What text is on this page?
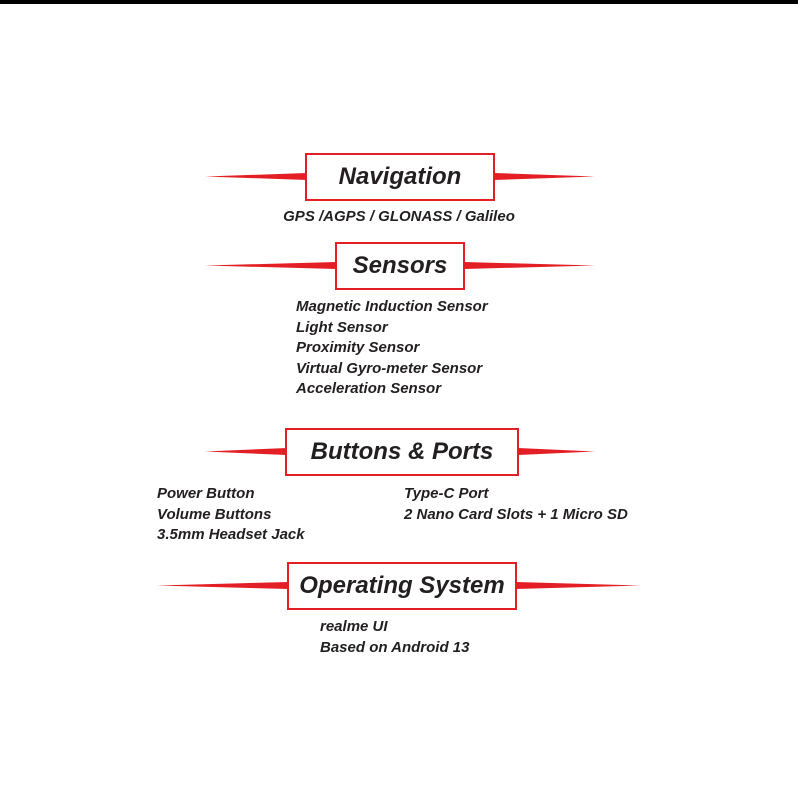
Navigation
GPS /AGPS / GLONASS / Galileo
Sensors
Magnetic Induction Sensor
Light Sensor
Proximity Sensor
Virtual Gyro-meter Sensor
Acceleration Sensor
Buttons & Ports
Power Button
Volume Buttons
3.5mm Headset Jack
Type-C Port
2 Nano Card Slots + 1 Micro SD
Operating System
realme UI
Based on Android 13
